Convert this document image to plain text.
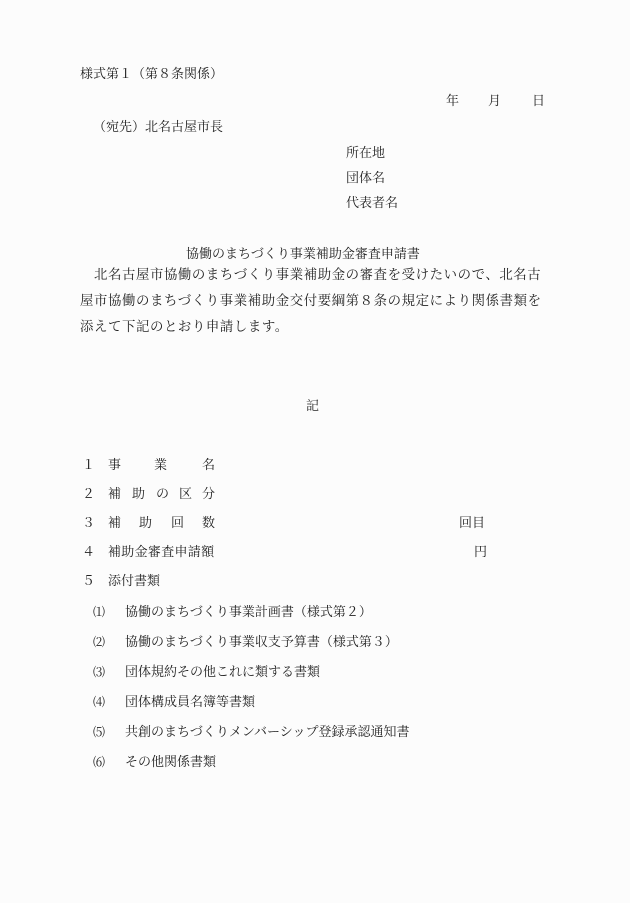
様式第１（第８条関係）
年 月 日
（宛先）北名古屋市長
所在地
団体名
代表者名
協働のまちづくり事業補助金審査申請書
　北名古屋市協働のまちづくり事業補助金の審査を受けたいので、北名古
屋市協働のまちづくり事業補助金交付要綱第８条の規定により関係書類を
添えて下記のとおり申請します。
記
１ 事	業	名
２ 補 助 の 区 分
３ 補 助 回 数	回目
４ 補助金審査申請額	円
５ 添付書類
⑴ 協働のまちづくり事業計画書（様式第２）
⑵ 協働のまちづくり事業収支予算書（様式第３）
⑶ 団体規約その他これに類する書類
⑷ 団体構成員名簿等書類
⑸ 共創のまちづくりメンバーシップ登録承認通知書
⑹ その他関係書類
